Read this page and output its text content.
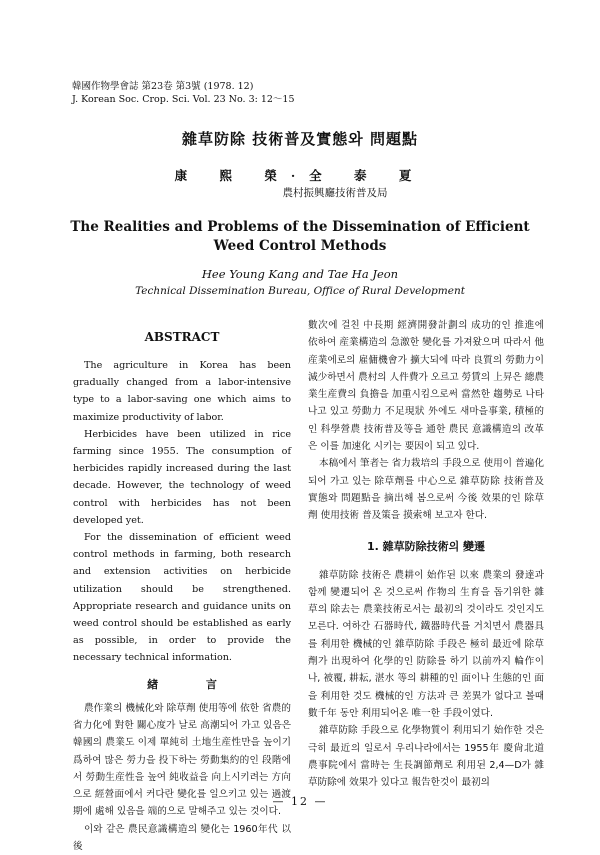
韓國作物學會誌 第23卷 第3號 (1978. 12)
J. Korean Soc. Crop. Sci. Vol. 23 No. 3: 12～15
雜草防除 技術普及實態와 問題點
康 熙 榮·全 泰 夏
農村振興廳技術普及局
The Realities and Problems of the Dissemination of Efficient
Weed Control Methods
Hee Young Kang and Tae Ha Jeon
Technical Dissemination Bureau, Office of Rural Development
ABSTRACT

The agriculture in Korea has been gradually changed from a labor-intensive type to a labor-saving one which aims to maximize productivity of labor.

Herbicides have been utilized in rice farming since 1955. The consumption of herbicides rapidly increased during the last decade. However, the technology of weed control with herbicides has not been developed yet.

For the dissemination of efficient weed control methods in farming, both research and extension activities on herbicide utilization should be strengthened. Appropriate research and guidance units on weed control should be established as early as possible, in order to provide the necessary technical information.

緖 言

農作業의 機械化와 除草劑 使用等에 依한 省農的 省力化에 對한 關心度가 날로 高潮되어 가고 있음은 韓國의 農業도 이제 單純히 土地生産性만을 높이기 爲하여 많은 勞力을 投下하는 勞動集約的인 段階에서 勞動生産性을 높여 純收益을 向上시키려는 方向으로 經營面에서 커다란 變化를 일으키고 있는 過渡期에 處해 있음을 端的으로 말해주고 있는 것이다.

이와 같은 農民意識構造의 變化는 1960年代 以後

數次에 걸친 中長期 經濟開發計劃의 成功的인 推進에 依하여 産業構造의 急激한 變化를 가져왔으며 따라서 他産業에로의 雇傭機會가 擴大되에 따라 良質의 勞動力이 減少하면서 農村의 人件費가 오르고 勞賃의 上昇은 總農業生産費의 負擔을 加重시킴으로써 當然한 趨勢로 나타나고 있고 勞動力 不足現狀 外에도 새마을事業, 積極的인 科學營農 技術普及等을 通한 農民 意識構造의 改革은 이를 加速化 시키는 要因이 되고 있다.

本稿에서 筆者는 省力栽培의 手段으로 使用이 普遍化되어 가고 있는 除草劑를 中心으로 雜草防除 技術普及實態와 問題點을 摘出해 봄으로써 今後 效果的인 除草劑 使用技術 普及策을 摸索해 보고자 한다.

1. 雜草防除技術의 變遷

雜草防除 技術은 農耕이 始作된 以來 農業의 發達과 함께 變遷되어 온 것으로써 作物의 生育을 돕기위한 雜草의 除去는 農業技術로서는 最初의 것이라도 것인지도 모른다. 여하간 石器時代, 鐵器時代를 거치면서 農器具를 利用한 機械的인 雜草防除 手段은 極히 最近에 除草劑가 出現하여 化學的인 防除를 하기 以前까지 輪作이나, 被覆, 耕耘, 湛水 等의 耕種的인 面이나 生態的인 面을 利用한 것도 機械的인 方法과 큰 差異가 없다고 볼때 數千年 동안 利用되어온 唯一한 手段이였다.

雜草防除 手段으로 化學物質이 利用되기 始作한 것은 극히 最近의 일로서 우리나라에서는 1955年 慶尙北道農事院에서 當時는 生長調節劑로 利用된 2,4—D가 雜草防除에 效果가 있다고 報告한것이 最初의

— 12 —
